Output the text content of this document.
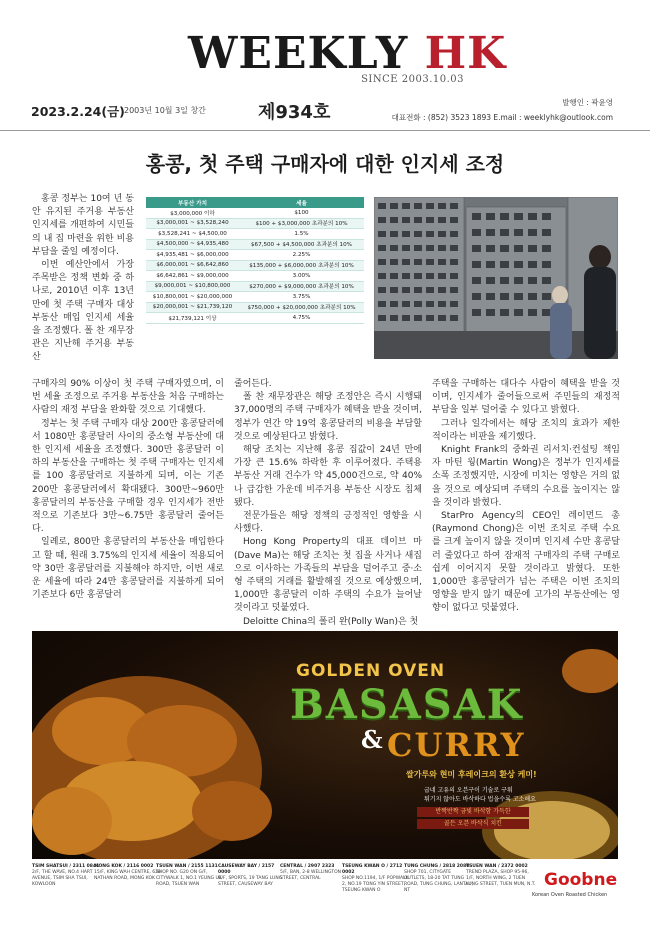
WEEKLY HK
SINCE 2003.10.03
2023.2.24(금) 2003년 10월 3일 창간	제934호	발행인 : 곽윤영
대표전화 : (852) 3523 1893 E.mail : weeklyhk@outlook.com
홍콩, 첫 주택 구매자에 대한 인지세 조정

홍콩 정부는 10여 년 동안 유지된 주거용 부동산 인지세를 개편하여 시민들의 내 집 마련을 위한 비용 부담을 줄일 예정이다.

이번 예산안에서 가장 주목받은 정책 변화 중 하나로, 2010년 이후 13년 만에 첫 주택 구매자 대상 부동산 매입 인지세 세율을 조정했다. 폴 찬 재무장관은 지난해 주거용 부동산

부동산 가치	세율
$3,000,000 이하	$100
$3,000,001 ~ $3,528,240	$100 + $3,000,000 초과분의 10%
$3,528,241 ~ $4,500,00	1.5%
$4,500,000 ~ $4,935,480	$67,500 + $4,500,000 초과분의 10%
$4,935,481 ~ $6,000,000	2.25%
$6,000,001 ~ $6,642,860	$135,000 + $6,000,000 초과분의 10%
$6,642,861 ~ $9,000,000	3.00%
$9,000,001 ~ $10,800,000	$270,000 + $9,000,000 초과분의 10%
$10,800,001 ~ $20,000,000	3.75%
$20,000,001 ~ $21,739,120	$750,000 + $20,000,000 초과분의 10%
$21,739,121 이상	4.75%

구매자의 90% 이상이 첫 주택 구매자였으며, 이번 세율 조정으로 주거용 부동산을 처음 구매하는 사람의 재정 부담을 완화할 것으로 기대했다.

정부는 첫 주택 구매자 대상 200만 홍콩달러에서 1080만 홍콩달러 사이의 중소형 부동산에 대한 인지세 세율을 조정했다. 300만 홍콩달러 이하의 부동산을 구매하는 첫 주택 구매자는 인지세를 100 홍콩달러로 지불하게 되며, 이는 기존 200만 홍콩달러에서 확대됐다. 300만~960만 홍콩달러의 부동산을 구매할 경우 인지세가 전반적으로 기존보다 3만~6.75만 홍콩달러 줄어든다.

일례로, 800만 홍콩달러의 부동산을 매입한다고 할 때, 원래 3.75%의 인지세 세율이 적용되어 약 30만 홍콩달러를 지불해야 하지만, 이번 새로운 세율에 따라 24만 홍콩달러를 지불하게 되어 기존보다 6만 홍콩달러

줄어든다.

폴 찬 재무장관은 해당 조정안은 즉시 시행돼 37,000명의 주택 구매자가 혜택을 받을 것이며, 정부가 연간 약 19억 홍콩달러의 비용을 부담할 것으로 예상된다고 밝혔다.

해당 조치는 지난해 홍콩 집값이 24년 만에 가장 큰 15.6% 하락한 후 이루어졌다. 주택용 부동산 거래 건수가 약 45,000건으로, 약 40%나 급감한 가운데 비주거용 부동산 시장도 침체됐다.

전문가들은 해당 정책의 긍정적인 영향을 시사했다.

Hong Kong Property의 대표 데이브 마(Dave Ma)는 해당 조치는 첫 집을 사거나 새집으로 이사하는 가족들의 부담을 덜어주고 중·소형 주택의 거래를 활발해질 것으로 예상했으며, 1,000만 홍콩달러 이하 주택의 수요가 늘어날 것이라고 덧붙였다.

Deloitte China의 폴리 완(Polly Wan)은 첫

주택을 구매하는 대다수 사람이 혜택을 받을 것이며, 인지세가 줄어들으로써 주민들의 재정적 부담을 일부 덜어줄 수 있다고 밝혔다.

그러나 일각에서는 해당 조치의 효과가 제한적이라는 비판을 제기했다.

Knight Frank의 중화권 리서치·컨설팅 책임자 마틴 웡(Martin Wong)은 정부가 인지세를 소폭 조정했지만, 시장에 미치는 영향은 거의 없을 것으로 예상되며 주택의 수요를 높이지는 않을 것이라 밝혔다.

StarPro Agency의 CEO인 레이먼드 총(Raymond Chong)은 이번 조치로 주택 수요를 크게 높이지 않을 것이며 인지세 수만 홍콩달러 줄었다고 하여 잠재적 구매자의 주택 구매로 쉽게 이어지지 못할 것이라고 밝혔다. 또한 1,000만 홍콩달러가 넘는 주택은 이번 조치의 영향을 받지 않기 때문에 고가의 부동산에는 영향이 없다고 덧붙였다.

GOLDEN OVEN
BASASAK
& CURRY
쌀가루와 현미 후레이크의 환상 케미!
굽네 고유의 오븐구이 기술로 구워
튀기지 않아도 바삭하다 법을수록 고소해요
반짝반짝 금빛 바삭함 가득한
골든 오븐 바삭식 치킨
TSIM SHATSUI / 2311 0841
2/F, THE WAVE, NO.4 HART AVENUE, TSIM SHA TSUI, KOWLOON
MONG KOK / 2116 0002
15/F, KING WAH CENTRE, 628 NATHAN ROAD, MONG KOK
TSUEN WAN / 2155 1131
SHOP NO. G20 ON G/F, CITYWALK 1, NO.1 YEUNG UK ROAD, TSUEN WAN
CAUSEWAY BAY / 2157 0000
G/F, SPORTS, 19 TANG LUNG STREET, CAUSEWAY BAY
CENTRAL / 2907 2323
5/F, BAN, 2-8 WELLINGTON STREET, CENTRAL
TSEUNG KWAN O / 2712 0002
SHOP NO.1194, 1/F POPWALK 2, NO.19 TONG YIN STREET, TSEUNG KWAN O
TUNG CHUNG / 2818 2080
SHOP 701, CITYGATE OUTLETS, 18-20 TAT TUNG ROAD, TUNG CHUNG, LANTAU, NT
TSUEN WAN / 2372 0002
TREND PLAZA, SHOP 95-96, 1/F, NORTH WING, 2 TUEN LUNG STREET, TUEN MUN, N.T. Goobne
Korean Oven Roasted Chicken
